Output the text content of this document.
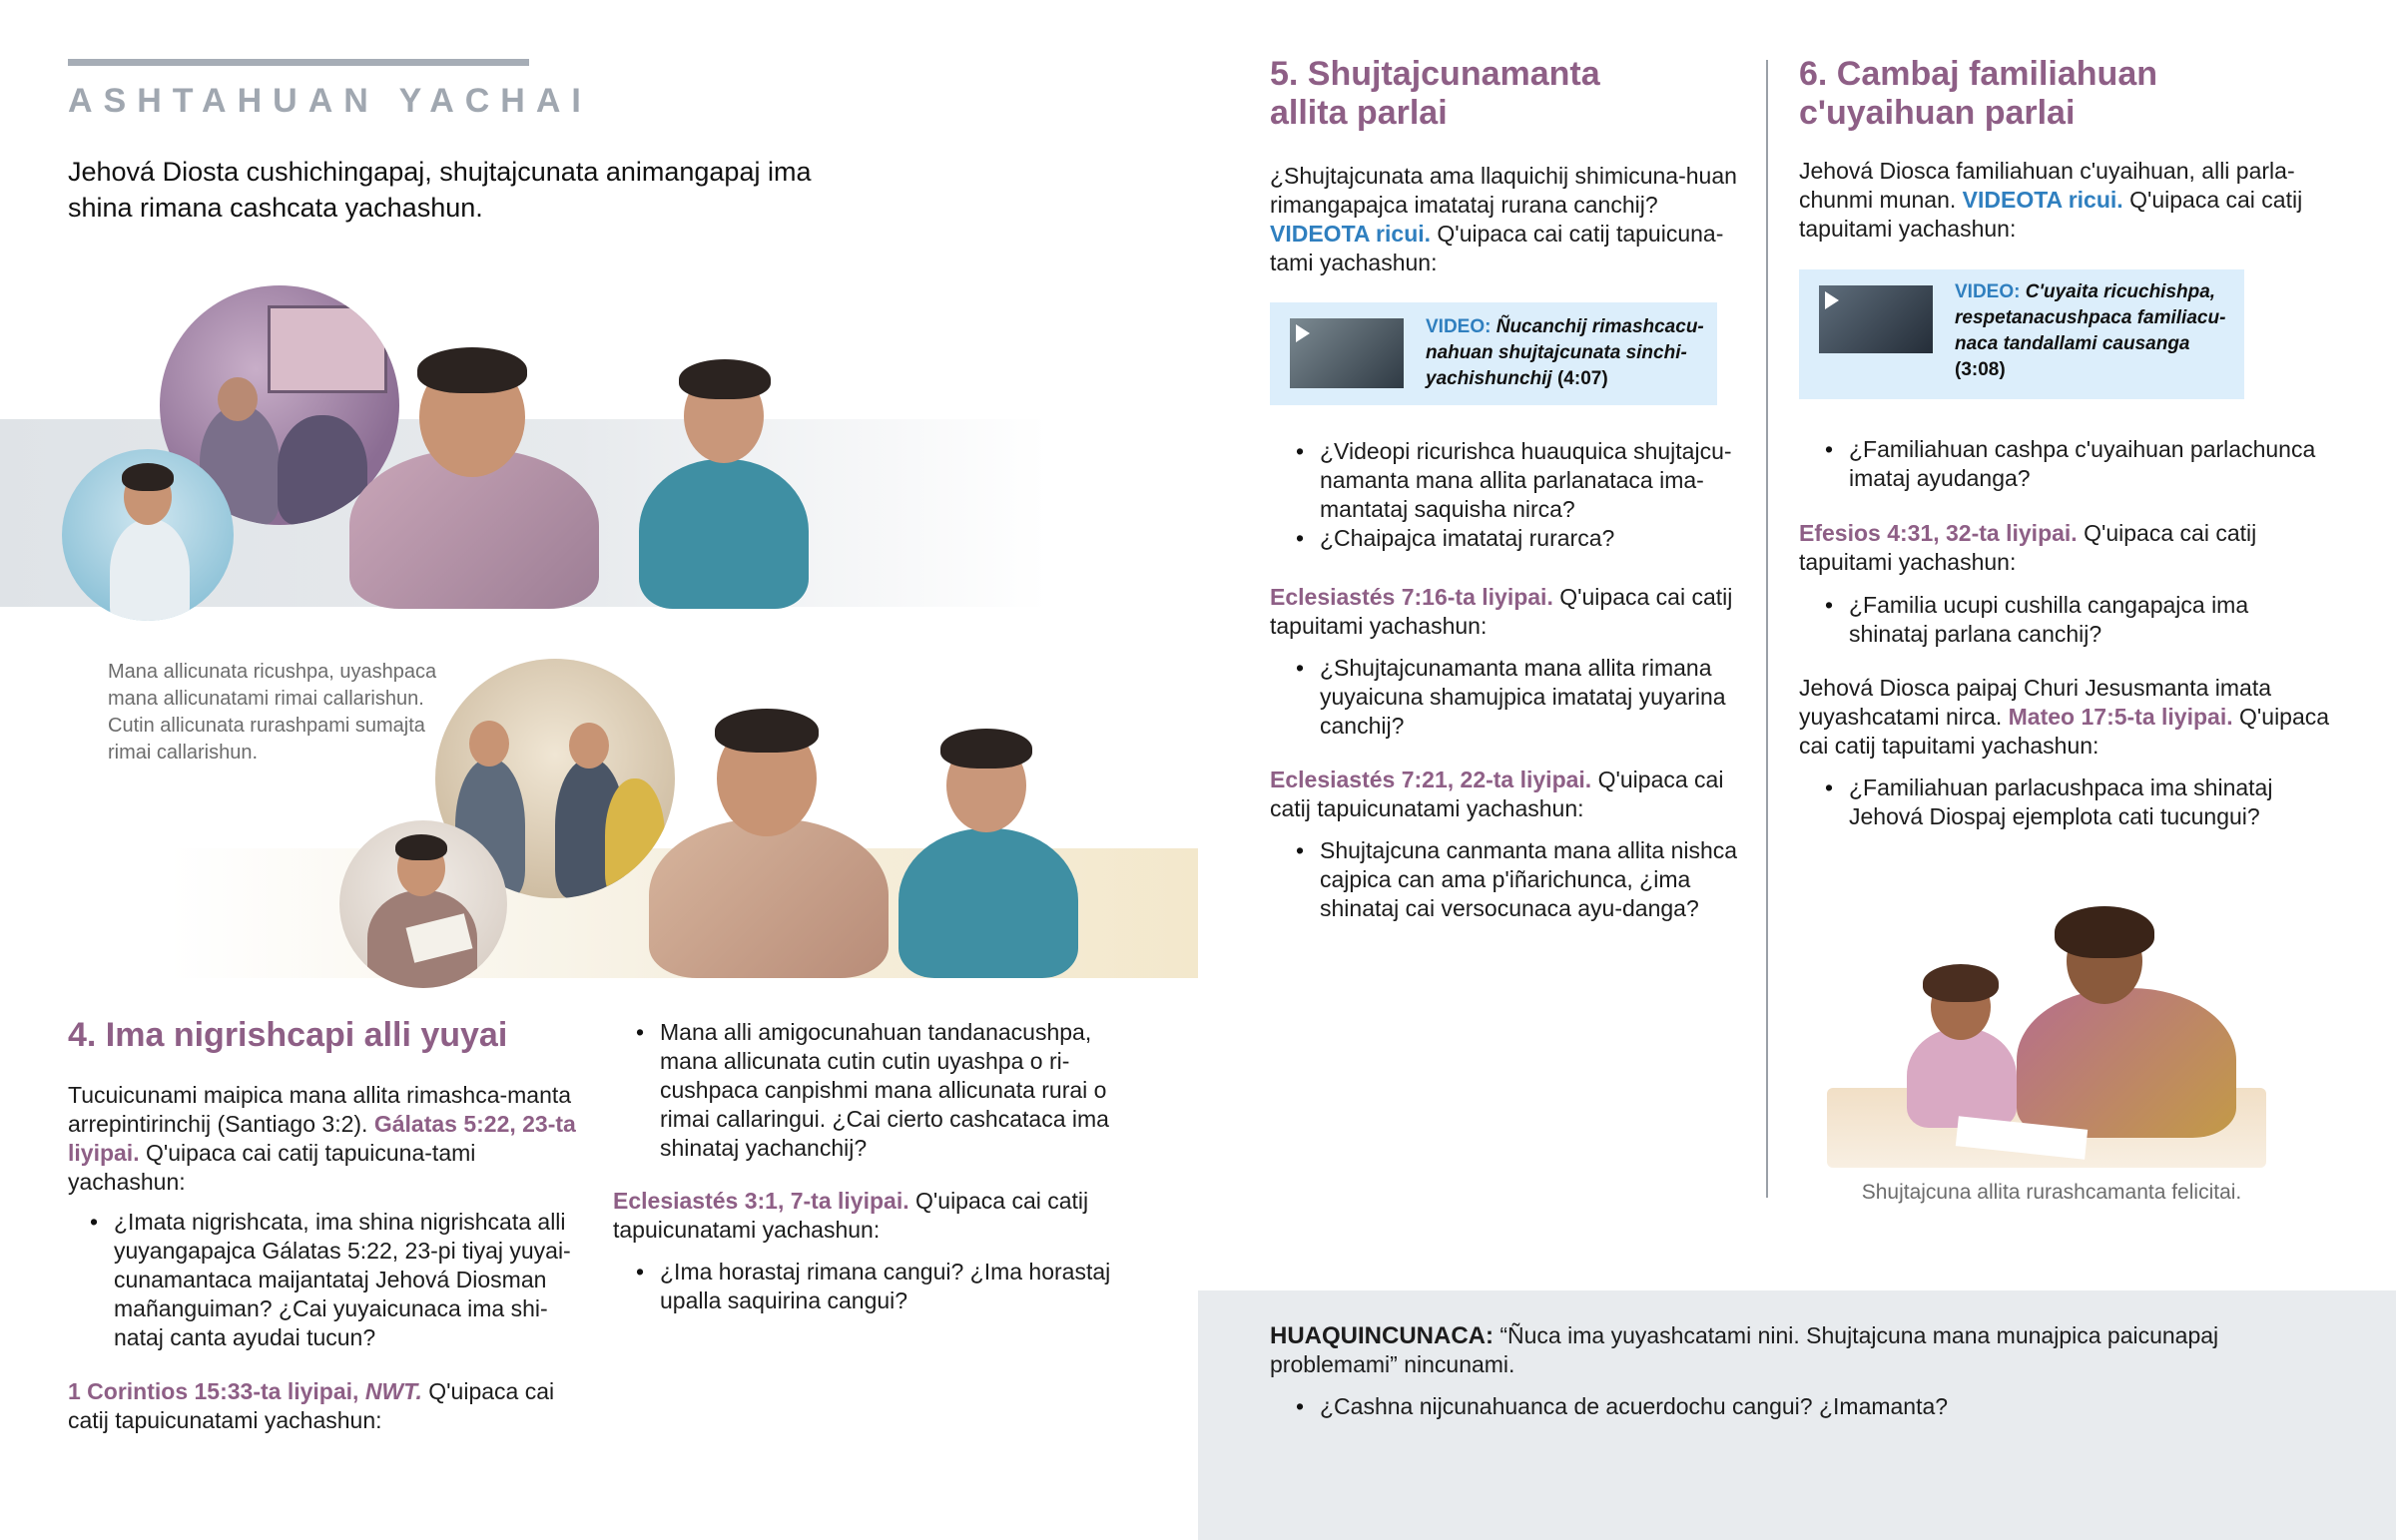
ASHTAHUAN YACHAI

Jehová Diosta cushichingapaj, shujtajcunata animangapaj ima shina rimana cashcata yachashun.

Mana allicunata ricushpa, uyashpaca mana allicunatami rimai callarishun. Cutin allicunata rurashpami sumajta rimai callarishun.

4. Ima nigrishcapi alli yuyai

Tucuicunami maipica mana allita rimashca-manta arrepintirinchij (Santiago 3:2). Gálatas 5:22, 23-ta liyipai. Q'uipaca cai catij tapuicuna-tami yachashun:

• ¿Imata nigrishcata, ima shina nigrishcata alli yuyangapajca Gálatas 5:22, 23-pi tiyaj yuyai-cunamantaca maijantataj Jehová Diosman mañanguiman? ¿Cai yuyaicunaca ima shi-nataj canta ayudai tucun?

1 Corintios 15:33-ta liyipai, NWT. Q'uipaca cai catij tapuicunatami yachashun:

• Mana alli amigocunahuan tandanacushpa, mana allicunata cutin cutin uyashpa o ri-cushpaca canpishmi mana allicunata rurai o rimai callaringui. ¿Cai cierto cashcataca ima shinataj yachanchij?

Eclesiastés 3:1, 7-ta liyipai. Q'uipaca cai catij tapuicunatami yachashun:

• ¿Ima horastaj rimana cangui? ¿Ima horastaj upalla saquirina cangui?
5. Shujtajcunamanta
allita parlai

¿Shujtajcunata ama llaquichij shimicuna-huan rimangapajca imatataj rurana canchij? VIDEOTA ricui. Q'uipaca cai catij tapuicuna-tami yachashun:

VIDEO: Ñucanchij rimashcacu-nahuan shujtajcunata sinchi-yachishunchij (4:07)
• ¿Videopi ricurishca huauquica shujtajcu-namanta mana allita parlanataca ima-mantataj saquisha nirca?
• ¿Chaipajca imatataj rurarca?

Eclesiastés 7:16-ta liyipai. Q'uipaca cai catij tapuitami yachashun:

• ¿Shujtajcunamanta mana allita rimana yuyaicuna shamujpica imatataj yuyarina canchij?

Eclesiastés 7:21, 22-ta liyipai. Q'uipaca cai catij tapuicunatami yachashun:

• Shujtajcuna canmanta mana allita nishca cajpica can ama p'iñarichunca, ¿ima shinataj cai versocunaca ayu-danga?
6. Cambaj familiahuan
c'uyaihuan parlai

Jehová Diosca familiahuan c'uyaihuan, alli parla-chunmi munan. VIDEOTA ricui. Q'uipaca cai catij tapuitami yachashun:

VIDEO: C'uyaita ricuchishpa, respetanacushpaca familiacu-naca tandallami causanga (3:08)
• ¿Familiahuan cashpa c'uyaihuan parlachunca imataj ayudanga?

Efesios 4:31, 32-ta liyipai. Q'uipaca cai catij tapuitami yachashun:

• ¿Familia ucupi cushilla cangapajca ima shinataj parlana canchij?

Jehová Diosca paipaj Churi Jesusmanta imata yuyashcatami nirca. Mateo 17:5-ta liyipai. Q'uipaca cai catij tapuitami yachashun:

• ¿Familiahuan parlacushpaca ima shinataj Jehová Diospaj ejemplota cati tucungui?

Shujtajcuna allita rurashcamanta felicitai.

HUAQUINCUNACA: “Ñuca ima yuyashcatami nini. Shujtajcuna mana munajpica paicunapaj problemami” nincunami.

• ¿Cashna nijcunahuanca de acuerdochu cangui? ¿Imamanta?
